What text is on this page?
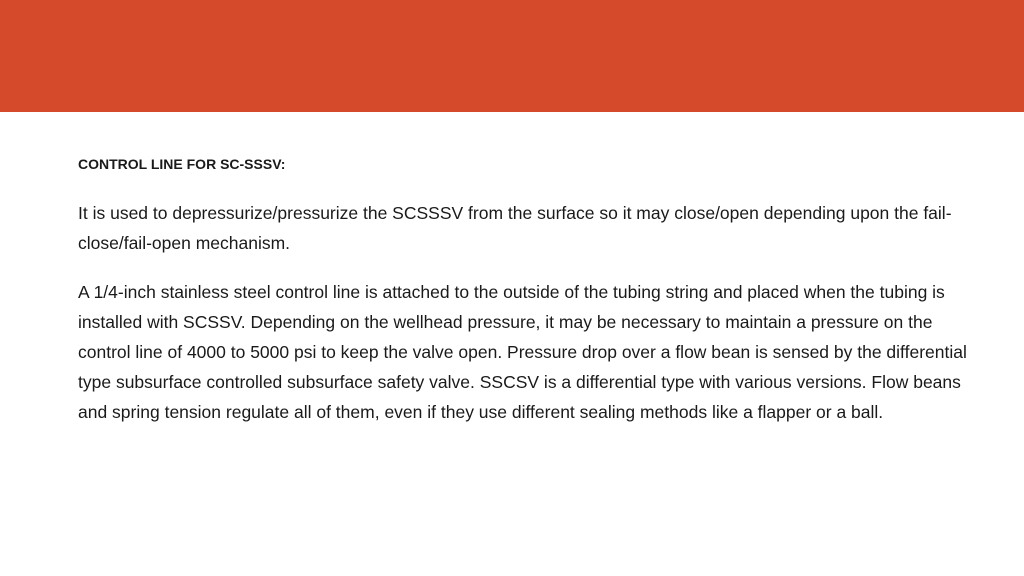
CONTROL LINE FOR SC-SSSV:

It is used to depressurize/pressurize the SCSSSV from the surface so it may close/open depending upon the fail-close/fail-open mechanism.

A 1/4-inch stainless steel control line is attached to the outside of the tubing string and placed when the tubing is installed with SCSSV. Depending on the wellhead pressure, it may be necessary to maintain a pressure on the control line of 4000 to 5000 psi to keep the valve open. Pressure drop over a flow bean is sensed by the differential type subsurface controlled subsurface safety valve. SSCSV is a differential type with various versions. Flow beans and spring tension regulate all of them, even if they use different sealing methods like a flapper or a ball.
